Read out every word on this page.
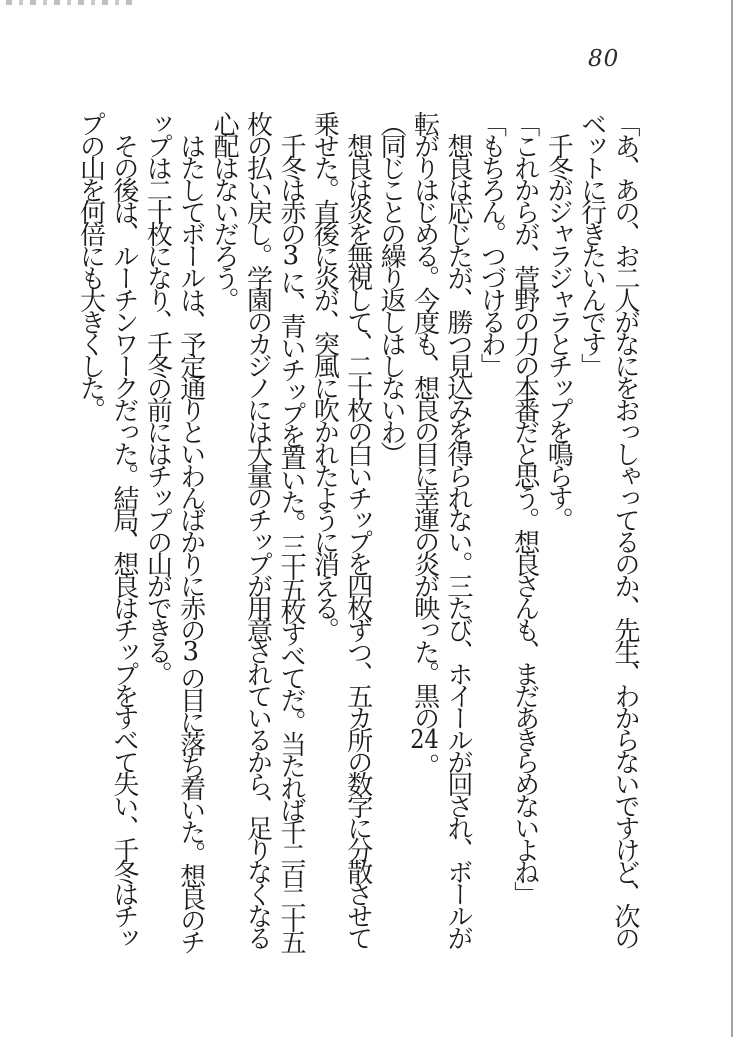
80
「あ、あの、お二人がなにをおっしゃってるのか、先生、わからないですけど、次の
ベットに行きたいんです」
　千冬がジャラジャラとチップを鳴らす。
「これからが、菅野の力の本番だと思う。想良さんも、まだあきらめないよね」
「もちろん。つづけるわ」
　想良は応じたが、勝つ見込みを得られない。三たび、ホイールが回され、ボールが
転がりはじめる。今度も、想良の目に幸運の炎が映った。黒の24。
（同じことの繰り返しはしないわ）
　想良は炎を無視して、二十枚の白いチップを四枚ずつ、五カ所の数字に分散させて
乗せた。直後に炎が、突風に吹かれたように消える。
　千冬は赤の3に、青いチップを置いた。三十五枚すべてだ。当たれば千二百二十五
枚の払い戻し。学園のカジノには大量のチップが用意されているから、足りなくなる
心配はないだろう。
　はたしてボールは、予定通りといわんばかりに赤の3の目に落ち着いた。想良のチ
ップは二十枚になり、千冬の前にはチップの山ができる。
　その後は、ルーチンワークだった。結局、想良はチップをすべて失い、千冬はチッ
プの山を何倍にも大きくした。
